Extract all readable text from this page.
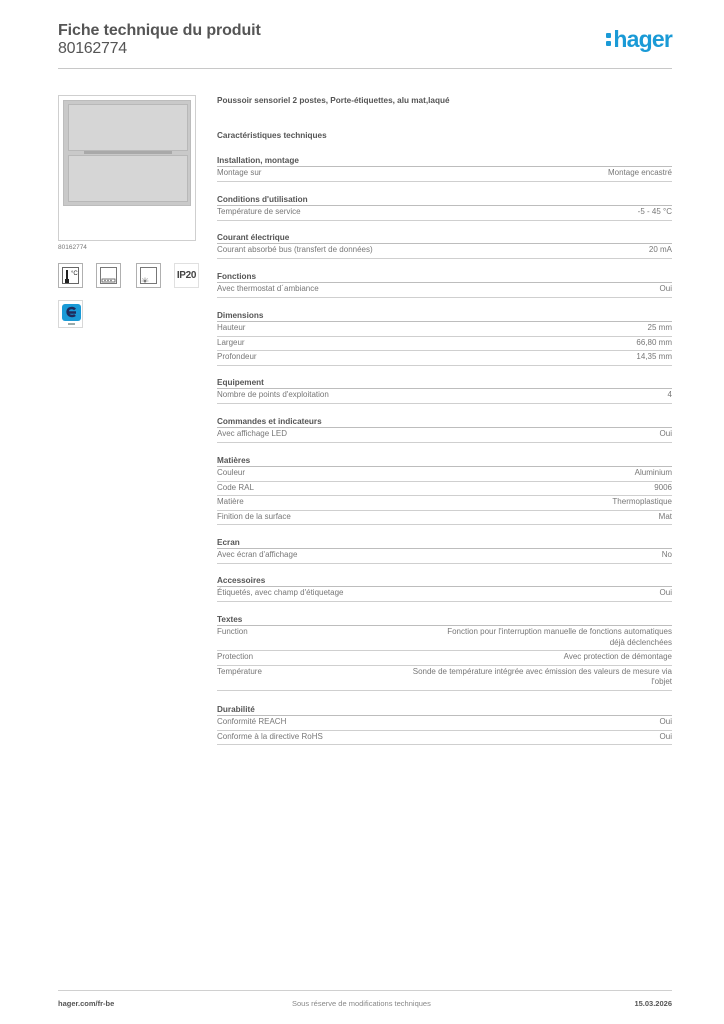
Fiche technique du produit
80162774	hager
80162774
°C	IP20
Poussoir sensoriel 2 postes, Porte-étiquettes, alu mat,laqué
Caractéristiques techniques
Installation, montage
Montage sur	Montage encastré
Conditions d'utilisation
Température de service	-5 - 45 °C
Courant électrique
Courant absorbé bus (transfert de données)	20 mA
Fonctions
Avec thermostat d´ambiance	Oui
Dimensions
Hauteur	25 mm
Largeur	66,80 mm
Profondeur	14,35 mm
Equipement
Nombre de points d'exploitation	4
Commandes et indicateurs
Avec affichage LED	Oui
Matières
Couleur	Aluminium
Code RAL	9006
Matière	Thermoplastique
Finition de la surface	Mat
Ecran
Avec écran d'affichage	No
Accessoires
Étiquetés, avec champ d'étiquetage	Oui
Textes
Function	Fonction pour l'interruption manuelle de fonctions automatiques déjà déclenchées
Protection	Avec protection de démontage
Température	Sonde de température intégrée avec émission des valeurs de mesure via l'objet
Durabilité
Conformité REACH	Oui
Conforme à la directive RoHS	Oui
hager.com/fr-be	Sous réserve de modifications techniques	15.03.2026
